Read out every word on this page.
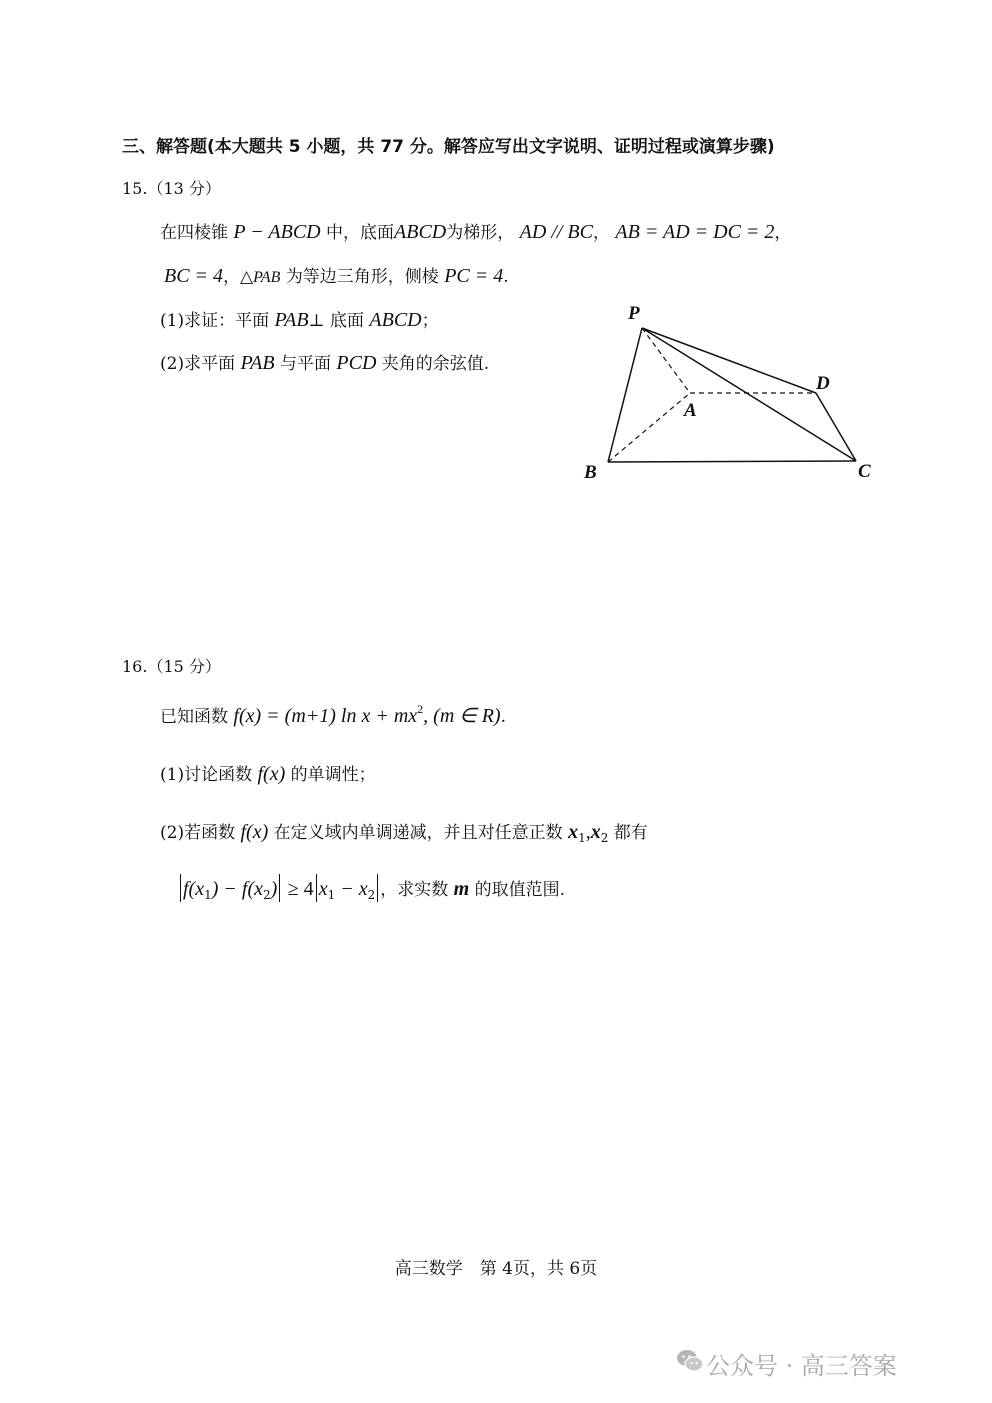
三、解答题(本大题共 5 小题，共 77 分。解答应写出文字说明、证明过程或演算步骤)
15.（13 分）
在四棱锥 P − ABCD 中，底面ABCD为梯形， AD // BC， AB = AD = DC = 2，
BC = 4，△PAB 为等边三角形，侧棱 PC = 4.
(1)求证：平面 PAB⊥ 底面 ABCD；
(2)求平面 PAB 与平面 PCD 夹角的余弦值.
P
D
A
B	C
16.（15 分）
已知函数 f(x) = (m+1) $\ln x + mx^2$, (m ∈ R).
(1)讨论函数 f(x) 的单调性；
(2)若函数 f(x) 在定义域内单调递减，并且对任意正数 $x_1,x_2$ 都有
$f(x_1) - f(x_2) \ge 4$ $x_1 - x_2$ ，求实数 m 的取值范围.
高三数学　第 4页，共 6页
公众号 · 高三答案
